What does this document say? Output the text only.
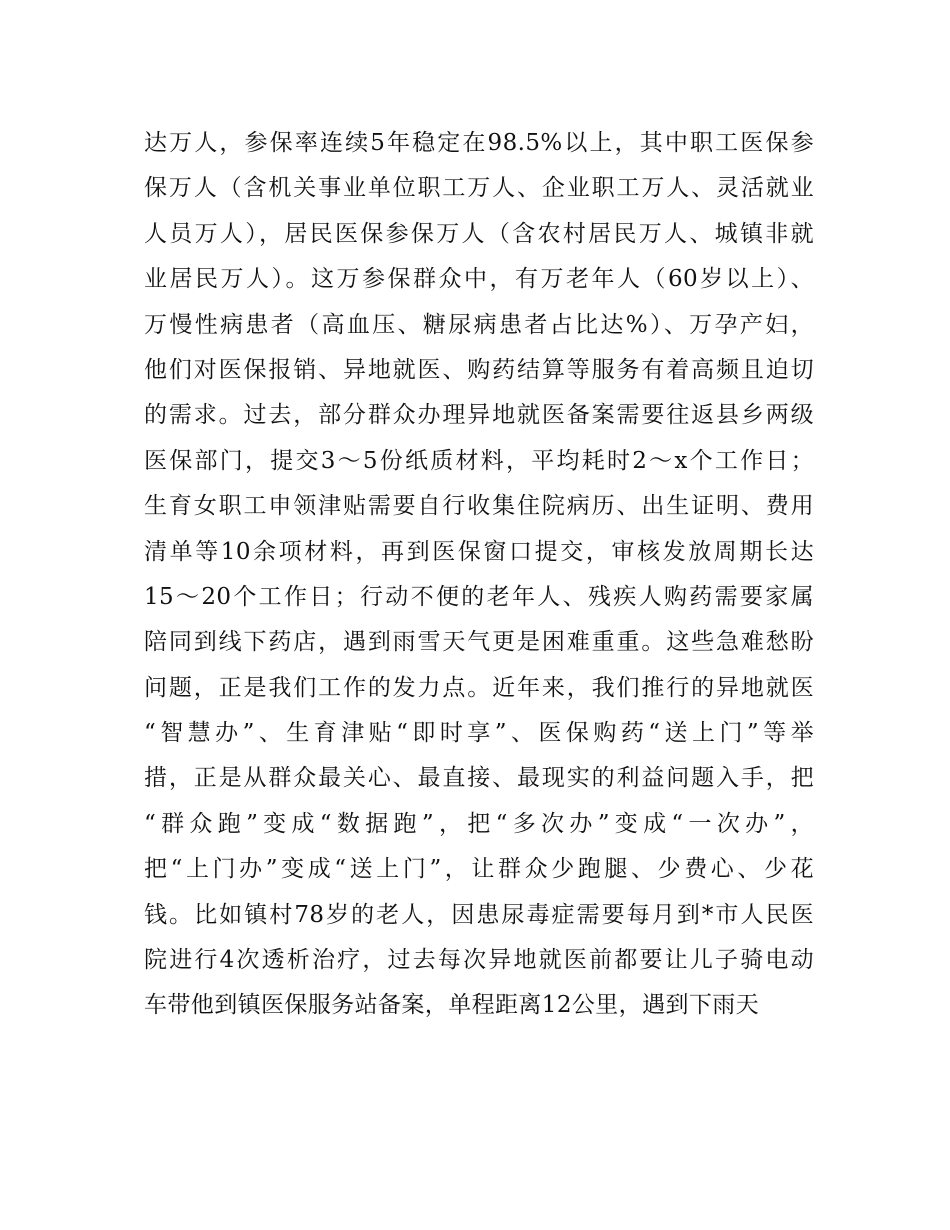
达万人，参保率连续5年稳定在98.5%以上，其中职工医保参
保万人（含机关事业单位职工万人、企业职工万人、灵活就业
人员万人），居民医保参保万人（含农村居民万人、城镇非就
业居民万人）。这万参保群众中，有万老年人（60岁以上）、
万慢性病患者（高血压、糖尿病患者占比达%）、万孕产妇，
他们对医保报销、异地就医、购药结算等服务有着高频且迫切
的需求。过去，部分群众办理异地就医备案需要往返县乡两级
医保部门，提交3～5份纸质材料，平均耗时2～x个工作日；
生育女职工申领津贴需要自行收集住院病历、出生证明、费用
清单等10余项材料，再到医保窗口提交，审核发放周期长达
15～20个工作日；行动不便的老年人、残疾人购药需要家属
陪同到线下药店，遇到雨雪天气更是困难重重。这些急难愁盼
问题，正是我们工作的发力点。近年来，我们推行的异地就医
“智慧办”、生育津贴“即时享”、医保购药“送上门”等举
措，正是从群众最关心、最直接、最现实的利益问题入手，把
“群众跑”变成“数据跑”，把“多次办”变成“一次办”，
把“上门办”变成“送上门”，让群众少跑腿、少费心、少花
钱。比如镇村78岁的老人，因患尿毒症需要每月到*市人民医
院进行4次透析治疗，过去每次异地就医前都要让儿子骑电动
车带他到镇医保服务站备案，单程距离12公里，遇到下雨天
